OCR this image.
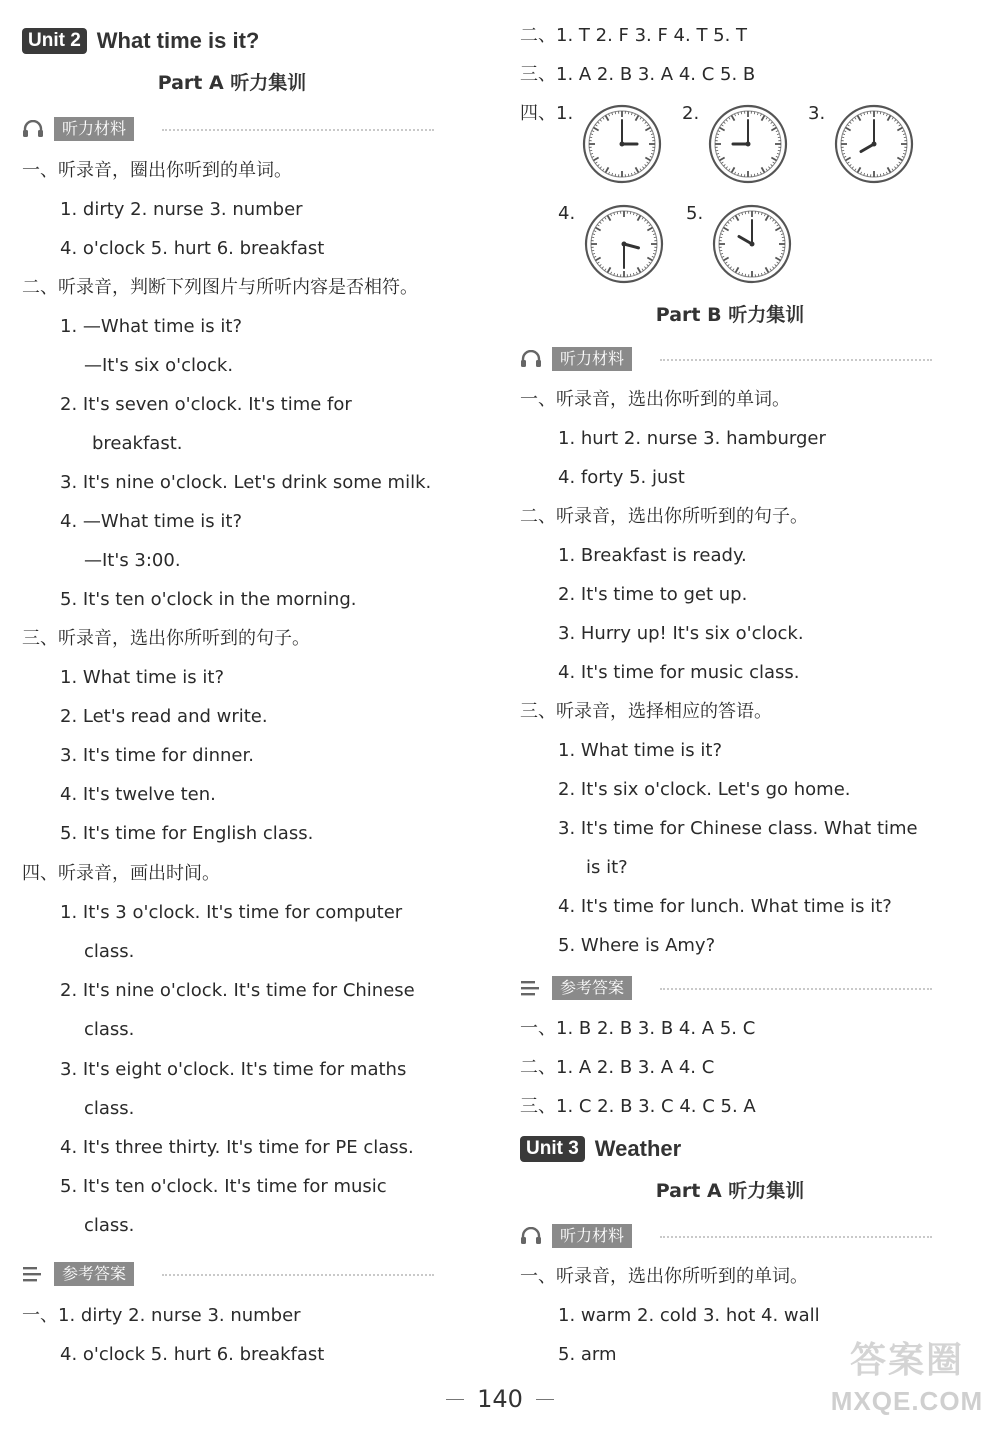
Unit 2 What time is it?
Part A 听力集训
听力材料
一、听录音，圈出你听到的单词。
1. dirty 2. nurse 3. number
4. o'clock 5. hurt 6. breakfast
二、听录音，判断下列图片与所听内容是否相符。
1. —What time is it?
—It's six o'clock.
2. It's seven o'clock. It's time for
breakfast.
3. It's nine o'clock. Let's drink some milk.
4. —What time is it?
—It's 3:00.
5. It's ten o'clock in the morning.
三、听录音，选出你所听到的句子。
1. What time is it?
2. Let's read and write.
3. It's time for dinner.
4. It's twelve ten.
5. It's time for English class.
四、听录音，画出时间。
1. It's 3 o'clock. It's time for computer
class.
2. It's nine o'clock. It's time for Chinese
class.
3. It's eight o'clock. It's time for maths
class.
4. It's three thirty. It's time for PE class.
5. It's ten o'clock. It's time for music
class.
参考答案
一、1. dirty 2. nurse 3. number
4. o'clock 5. hurt 6. breakfast
二、1. T 2. F 3. F 4. T 5. T
三、1. A 2. B 3. A 4. C 5. B
四、1.	2.	3.
4.	5.
Part B 听力集训
听力材料
一、听录音，选出你听到的单词。
1. hurt 2. nurse 3. hamburger
4. forty 5. just
二、听录音，选出你所听到的句子。
1. Breakfast is ready.
2. It's time to get up.
3. Hurry up! It's six o'clock.
4. It's time for music class.
三、听录音，选择相应的答语。
1. What time is it?
2. It's six o'clock. Let's go home.
3. It's time for Chinese class. What time
is it?
4. It's time for lunch. What time is it?
5. Where is Amy?
参考答案
一、1. B 2. B 3. B 4. A 5. C
二、1. A 2. B 3. A 4. C
三、1. C 2. B 3. C 4. C 5. A
Unit 3 Weather
Part A 听力集训
听力材料
一、听录音，选出你所听到的单词。
1. warm 2. cold 3. hot 4. wall
5. arm
140
答案圈
MXQE.COM
